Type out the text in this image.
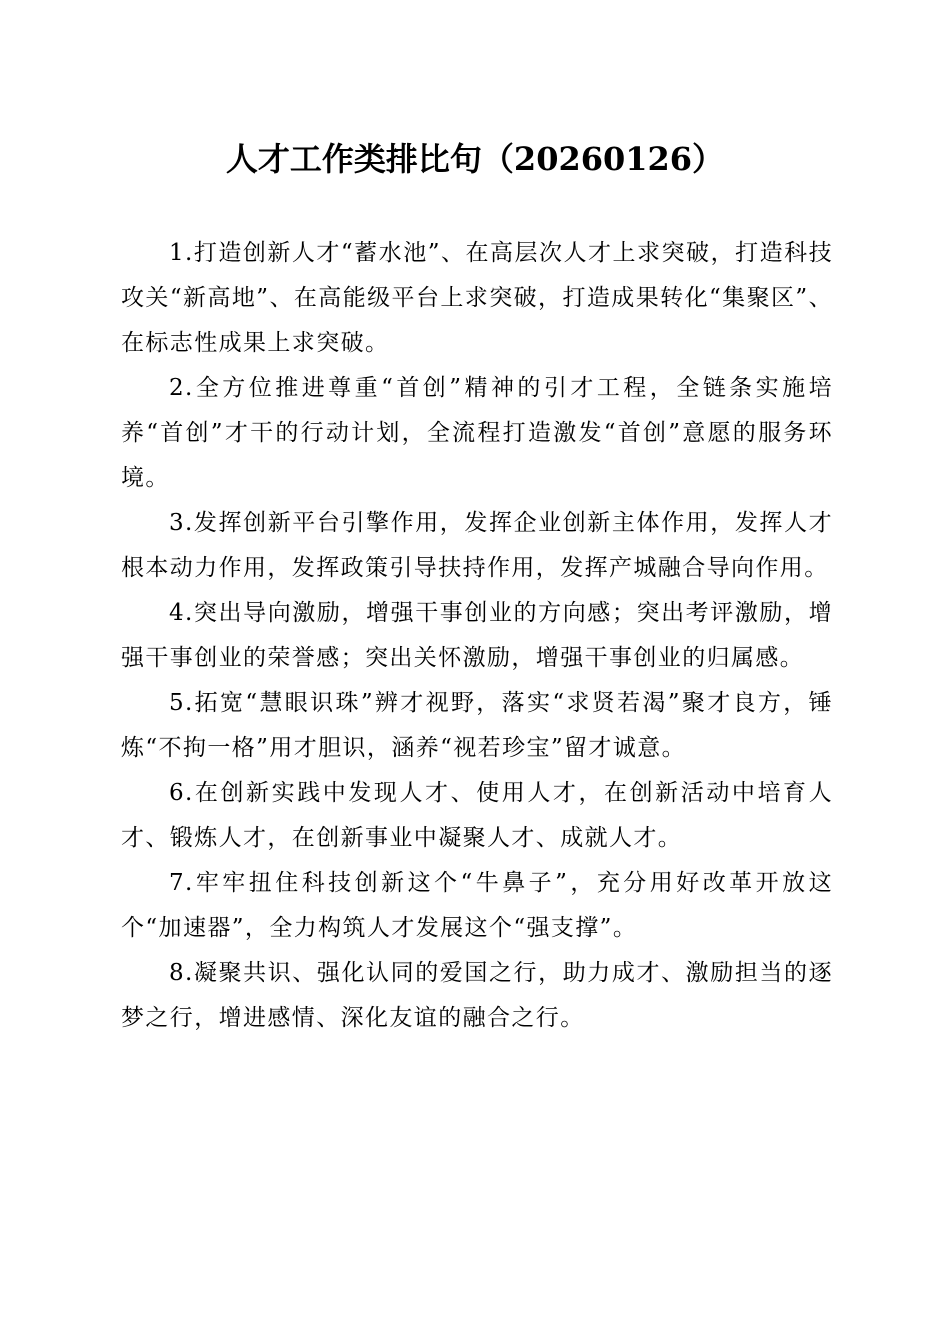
人才工作类排比句（20260126）

1.打造创新人才“蓄水池”、在高层次人才上求突破，打造科技攻关“新高地”、在高能级平台上求突破，打造成果转化“集聚区”、在标志性成果上求突破。

2.全方位推进尊重“首创”精神的引才工程，全链条实施培养“首创”才干的行动计划，全流程打造激发“首创”意愿的服务环境。

3.发挥创新平台引擎作用，发挥企业创新主体作用，发挥人才根本动力作用，发挥政策引导扶持作用，发挥产城融合导向作用。

4.突出导向激励，增强干事创业的方向感；突出考评激励，增强干事创业的荣誉感；突出关怀激励，增强干事创业的归属感。

5.拓宽“慧眼识珠”辨才视野，落实“求贤若渴”聚才良方，锤炼“不拘一格”用才胆识，涵养“视若珍宝”留才诚意。

6.在创新实践中发现人才、使用人才，在创新活动中培育人才、锻炼人才，在创新事业中凝聚人才、成就人才。

7.牢牢扭住科技创新这个“牛鼻子”，充分用好改革开放这个“加速器”，全力构筑人才发展这个“强支撑”。

8.凝聚共识、强化认同的爱国之行，助力成才、激励担当的逐梦之行，增进感情、深化友谊的融合之行。
